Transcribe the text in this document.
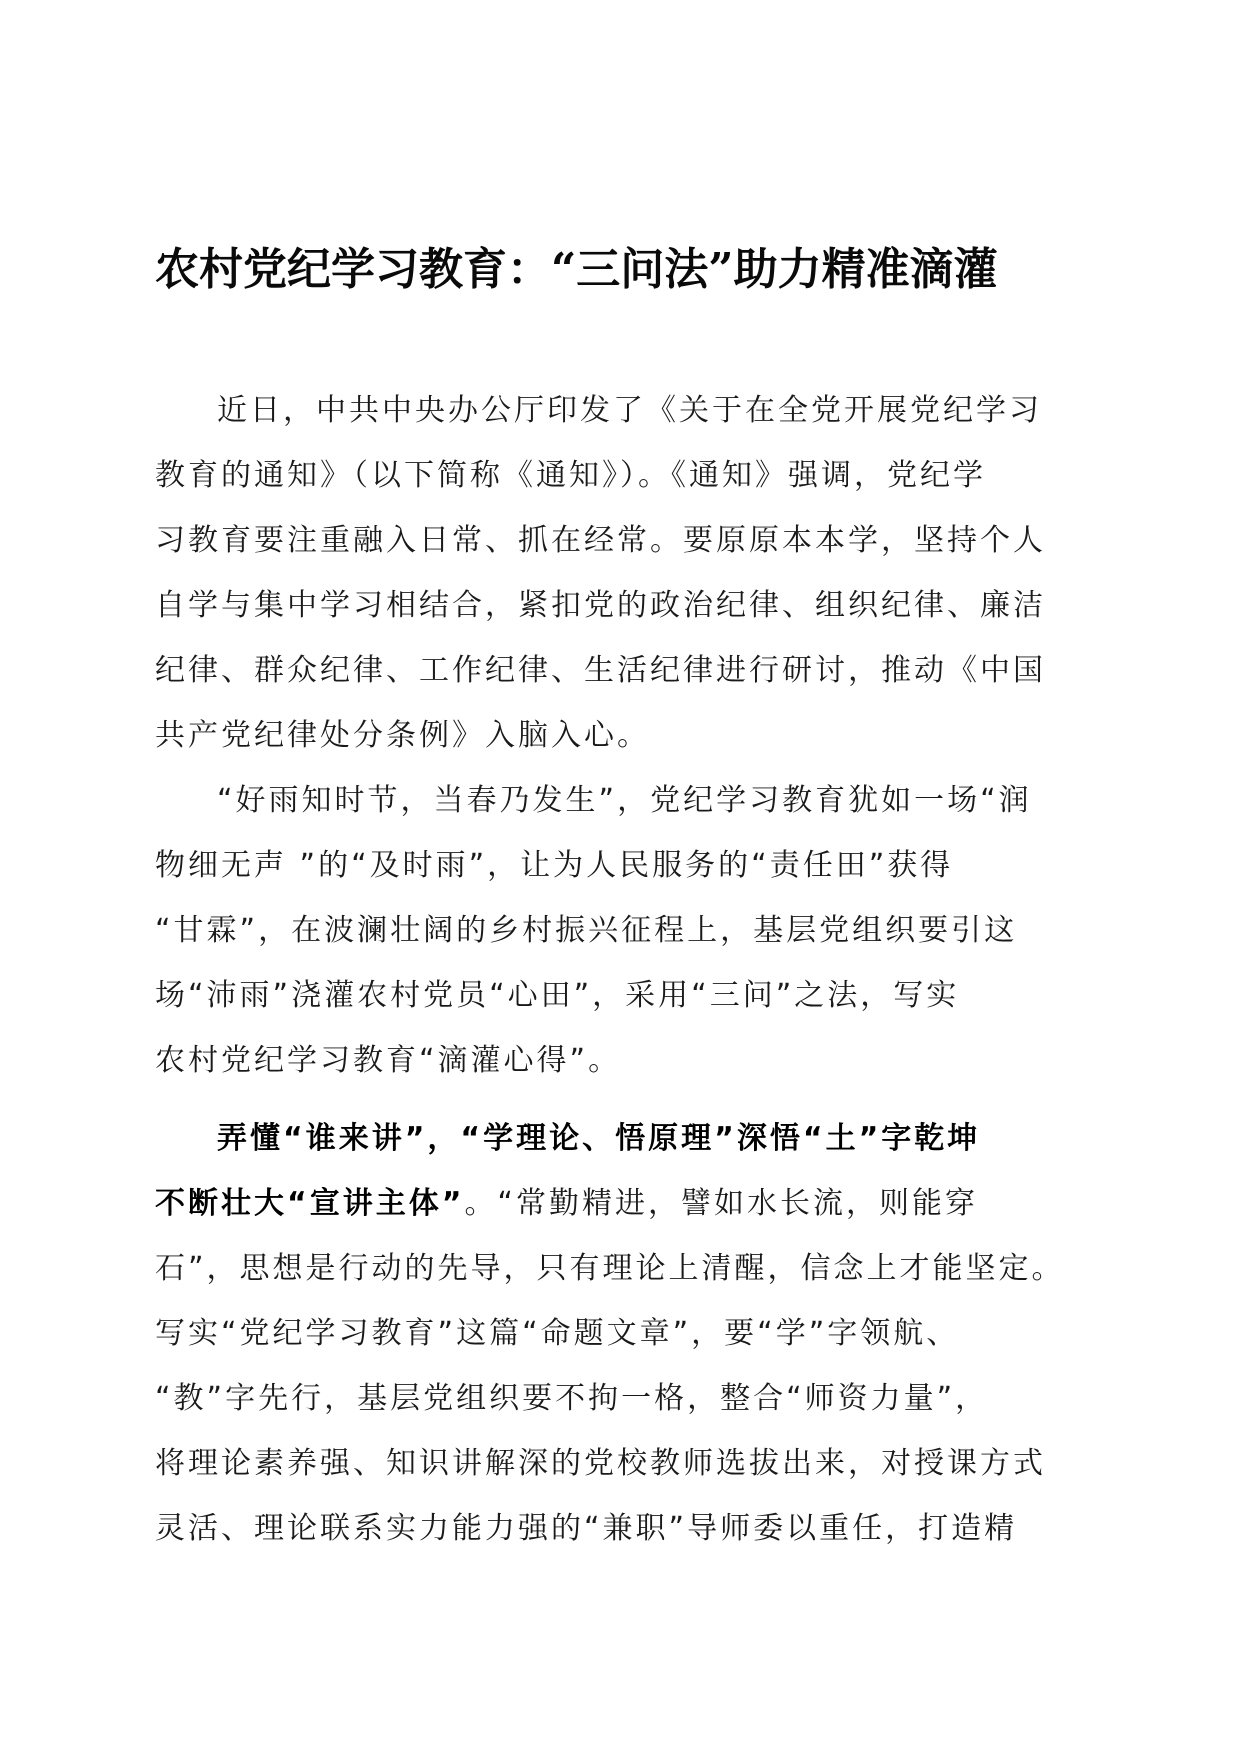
农村党纪学习教育：“三问法”助力精准滴灌
近日，中共中央办公厅印发了《关于在全党开展党纪学习
教育的通知》（以下简称《通知》）。《通知》强调，党纪学
习教育要注重融入日常、抓在经常。要原原本本学，坚持个人
自学与集中学习相结合，紧扣党的政治纪律、组织纪律、廉洁
纪律、群众纪律、工作纪律、生活纪律进行研讨，推动《中国
共产党纪律处分条例》入脑入心。
“好雨知时节，当春乃发生”，党纪学习教育犹如一场“润
物细无声 ”的“及时雨”，让为人民服务的“责任田”获得
“甘霖”，在波澜壮阔的乡村振兴征程上，基层党组织要引这
场“沛雨”浇灌农村党员“心田”，采用“三问”之法，写实
农村党纪学习教育“滴灌心得”。
弄懂“谁来讲”，“学理论、悟原理”深悟“土”字乾坤
不断壮大“宣讲主体”。“常勤精进，譬如水长流，则能穿
石”，思想是行动的先导，只有理论上清醒，信念上才能坚定。
写实“党纪学习教育”这篇“命题文章”，要“学”字领航、
“教”字先行，基层党组织要不拘一格，整合“师资力量”，
将理论素养强、知识讲解深的党校教师选拔出来，对授课方式
灵活、理论联系实力能力强的“兼职”导师委以重任，打造精
